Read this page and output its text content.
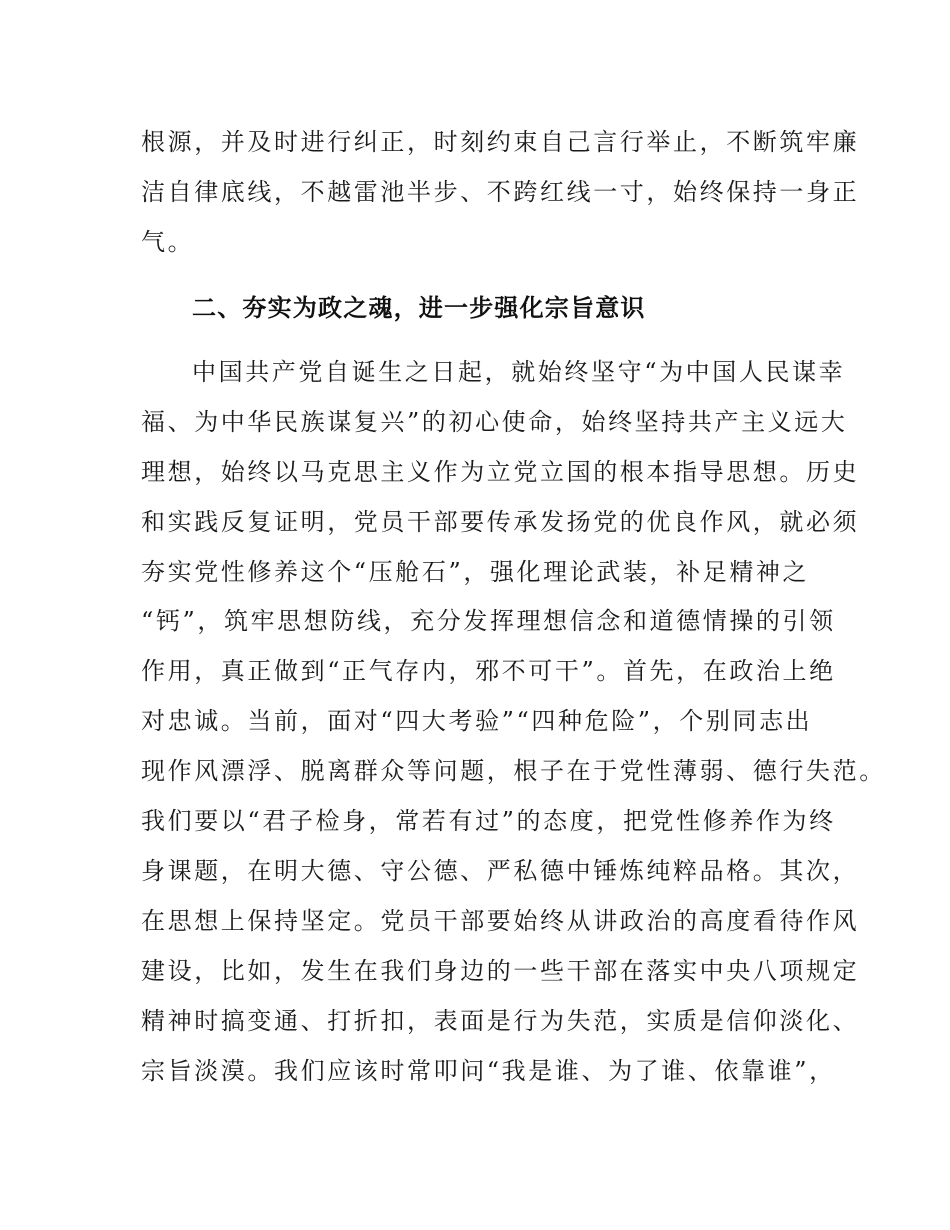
根源，并及时进行纠正，时刻约束自己言行举止，不断筑牢廉

洁自律底线，不越雷池半步、不跨红线一寸，始终保持一身正

气。

二、夯实为政之魂，进一步强化宗旨意识

中国共产党自诞生之日起，就始终坚守“为中国人民谋幸

福、为中华民族谋复兴”的初心使命，始终坚持共产主义远大

理想，始终以马克思主义作为立党立国的根本指导思想。历史

和实践反复证明，党员干部要传承发扬党的优良作风，就必须

夯实党性修养这个“压舱石”，强化理论武装，补足精神之

“钙”，筑牢思想防线，充分发挥理想信念和道德情操的引领

作用，真正做到“正气存内，邪不可干”。首先，在政治上绝

对忠诚。当前，面对“四大考验”“四种危险”，个别同志出

现作风漂浮、脱离群众等问题，根子在于党性薄弱、德行失范。

我们要以“君子检身，常若有过”的态度，把党性修养作为终

身课题，在明大德、守公德、严私德中锤炼纯粹品格。其次，

在思想上保持坚定。党员干部要始终从讲政治的高度看待作风

建设，比如，发生在我们身边的一些干部在落实中央八项规定

精神时搞变通、打折扣，表面是行为失范，实质是信仰淡化、

宗旨淡漠。我们应该时常叩问“我是谁、为了谁、依靠谁”，
